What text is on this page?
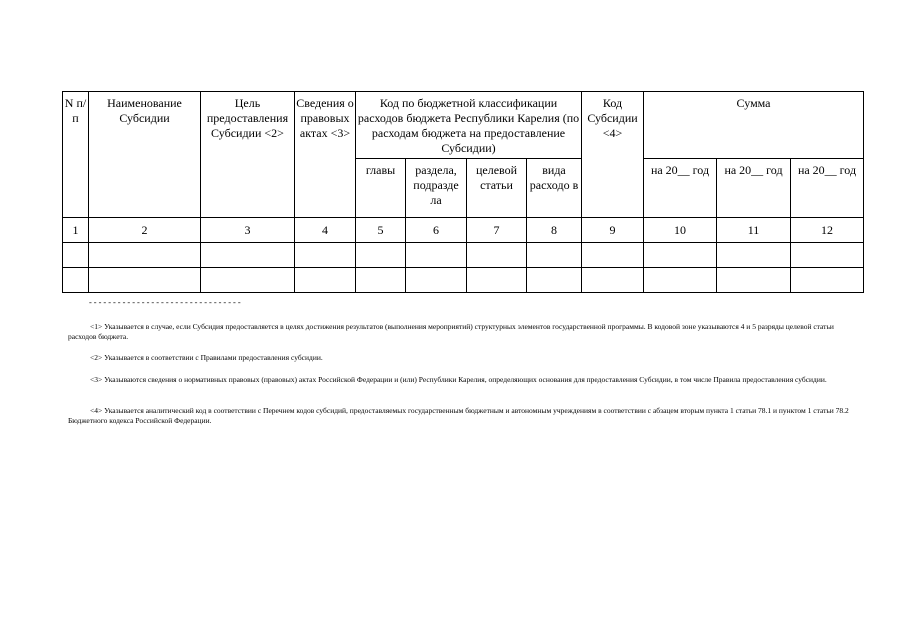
N п/п	Наименование Субсидии	Цель предоставления Субсидии <2>	Сведения о правовых актах <3>	Код по бюджетной классификации расходов бюджета Республики Карелия (по расходам бюджета на предоставление Субсидии)				Код Субсидии <4>	Сумма		
				главы	раздела, подразде ла	целевой статьи	вида расходо в		на 20__ год	на 20__ год	на 20__ год
1	2	3	4	5	6	7	8	9	10	11	12

--------------------------------

<1> Указывается в случае, если Субсидия предоставляется в целях достижения результатов (выполнения мероприятий) структурных элементов государственной программы. В кодовой зоне указываются 4 и 5 разряды целевой статьи расходов бюджета.

<2> Указывается в соответствии с Правилами предоставления субсидии.

<3> Указываются сведения о нормативных правовых (правовых) актах Российской Федерации и (или) Республики Карелия, определяющих основания для предоставления Субсидии, в том числе Правила предоставления субсидии.

<4> Указывается аналитический код в соответствии с Перечнем кодов субсидий, предоставляемых государственным бюджетным и автономным учреждениям в соответствии с абзацем вторым пункта 1 статьи 78.1 и пунктом 1 статьи 78.2 Бюджетного кодекса Российской Федерации.
